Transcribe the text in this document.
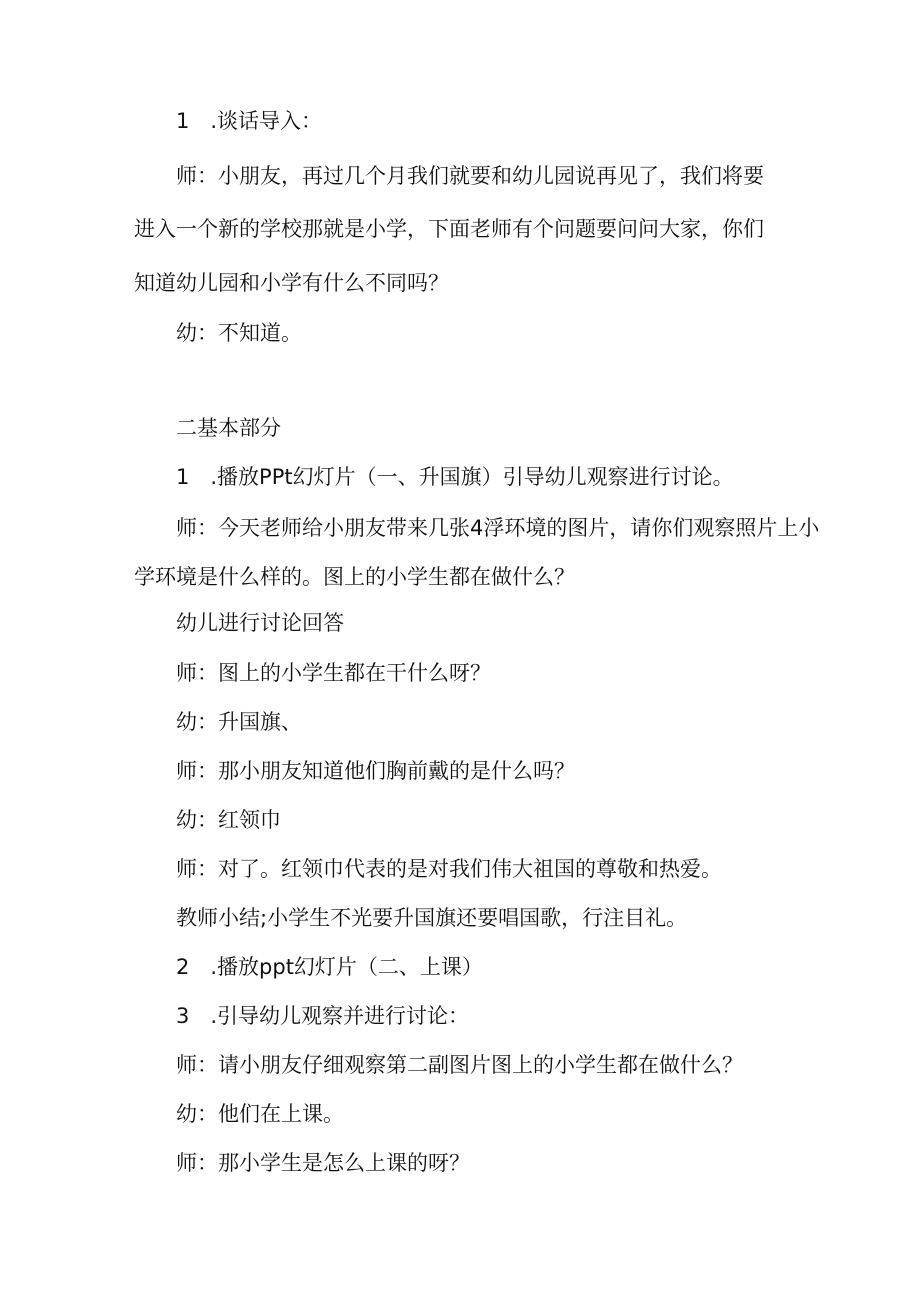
1　.谈话导入：
师：小朋友，再过几个月我们就要和幼儿园说再见了，我们将要
进入一个新的学校那就是小学，下面老师有个问题要问问大家，你们
知道幼儿园和小学有什么不同吗？
幼：不知道。
二基本部分
1　.播放PPt幻灯片（一、升国旗）引导幼儿观察进行讨论。
师：今天老师给小朋友带来几张4浮环境的图片，请你们观察照片上小
学环境是什么样的。图上的小学生都在做什么？
幼儿进行讨论回答
师：图上的小学生都在干什么呀？
幼：升国旗、
师：那小朋友知道他们胸前戴的是什么吗？
幼：红领巾
师：对了。红领巾代表的是对我们伟大祖国的尊敬和热爱。
教师小结;小学生不光要升国旗还要唱国歌，行注目礼。
2　.播放ppt幻灯片（二、上课）
3　.引导幼儿观察并进行讨论：
师：请小朋友仔细观察第二副图片图上的小学生都在做什么？
幼：他们在上课。
师：那小学生是怎么上课的呀？
